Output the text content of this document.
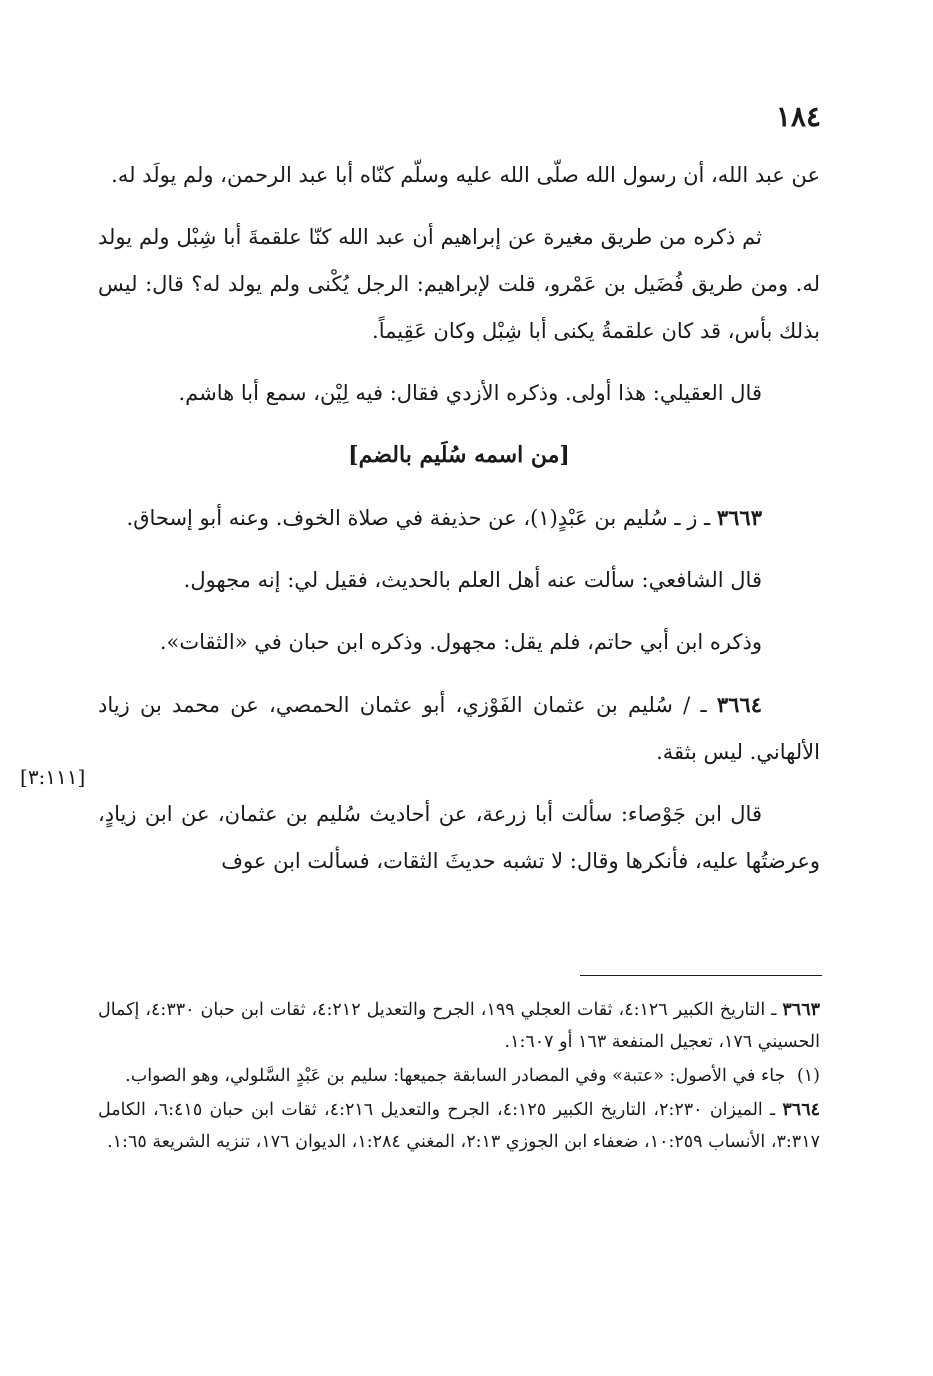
١٨٤
[٣:١١١]

عن عبد الله، أن رسول الله صلّى الله عليه وسلّم كنّاه أبا عبد الرحمن، ولم يولَد له.

ثم ذكره من طريق مغيرة عن إبراهيم أن عبد الله كنّا علقمةَ أبا شِبْل ولم يولد له. ومن طريق فُضَيل بن عَمْرو، قلت لإبراهيم: الرجل يُكْنى ولم يولد له؟ قال: ليس بذلك بأس، قد كان علقمةُ يكنى أبا شِبْل وكان عَقِيماً.

قال العقيلي: هذا أولى. وذكره الأزدي فقال: فيه لِيْن، سمع أبا هاشم.

[من اسمه سُلَيم بالضم]

٣٦٦٣ ـ ز ـ سُليم بن عَبْدٍ(١)، عن حذيفة في صلاة الخوف. وعنه أبو إسحاق.

قال الشافعي: سألت عنه أهل العلم بالحديث، فقيل لي: إنه مجهول.

وذكره ابن أبي حاتم، فلم يقل: مجهول. وذكره ابن حبان في «الثقات».

٣٦٦٤ ـ / سُليم بن عثمان الفَوْزي، أبو عثمان الحمصي، عن محمد بن زياد الألهاني. ليس بثقة.

قال ابن جَوْصاء: سألت أبا زرعة، عن أحاديث سُليم بن عثمان، عن ابن زيادٍ، وعرضتُها عليه، فأنكرها وقال: لا تشبه حديثَ الثقات، فسألت ابن عوف

٣٦٦٣ ـ التاريخ الكبير ٤:١٢٦، ثقات العجلي ١٩٩، الجرح والتعديل ٤:٢١٢، ثقات ابن حبان ٤:٣٣٠، إكمال الحسيني ١٧٦، تعجيل المنفعة ١٦٣ أو ١:٦٠٧.

(١) جاء في الأصول: «عتبة» وفي المصادر السابقة جميعها: سليم بن عَبْدٍ السَّلولي، وهو الصواب.

٣٦٦٤ ـ الميزان ٢:٢٣٠، التاريخ الكبير ٤:١٢٥، الجرح والتعديل ٤:٢١٦، ثقات ابن حبان ٦:٤١٥، الكامل ٣:٣١٧، الأنساب ١٠:٢٥٩، ضعفاء ابن الجوزي ٢:١٣، المغني ١:٢٨٤، الديوان ١٧٦، تنزيه الشريعة ١:٦٥.
